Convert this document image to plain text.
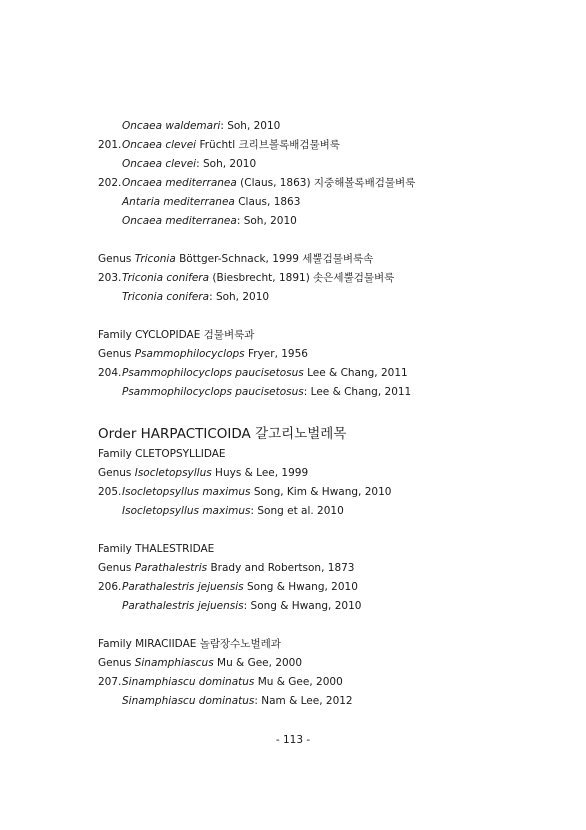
Oncaea waldemari: Soh, 2010
201.Oncaea clevei Früchtl 크리브볼록배검물벼룩
Oncaea clevei: Soh, 2010
202.Oncaea mediterranea (Claus, 1863) 지중해볼록배검물벼룩
Antaria mediterranea Claus, 1863
Oncaea mediterranea: Soh, 2010
Genus Triconia Böttger-Schnack, 1999 세뿔검물벼룩속
203.Triconia conifera (Biesbrecht, 1891) 솟은세뿔검물벼룩
Triconia conifera: Soh, 2010
Family CYCLOPIDAE 검물벼룩과
Genus Psammophilocyclops Fryer, 1956
204.Psammophilocyclops paucisetosus Lee & Chang, 2011
Psammophilocyclops paucisetosus: Lee & Chang, 2011
Order HARPACTICOIDA 갈고리노벌레목
Family CLETOPSYLLIDAE
Genus Isocletopsyllus Huys & Lee, 1999
205.Isocletopsyllus maximus Song, Kim & Hwang, 2010
Isocletopsyllus maximus: Song et al. 2010
Family THALESTRIDAE
Genus Parathalestris Brady and Robertson, 1873
206.Parathalestris jejuensis Song & Hwang, 2010
Parathalestris jejuensis: Song & Hwang, 2010
Family MIRACIIDAE 놀람장수노벌레과
Genus Sinamphiascus Mu & Gee, 2000
207.Sinamphiascu dominatus Mu & Gee, 2000
Sinamphiascu dominatus: Nam & Lee, 2012
- 113 -
